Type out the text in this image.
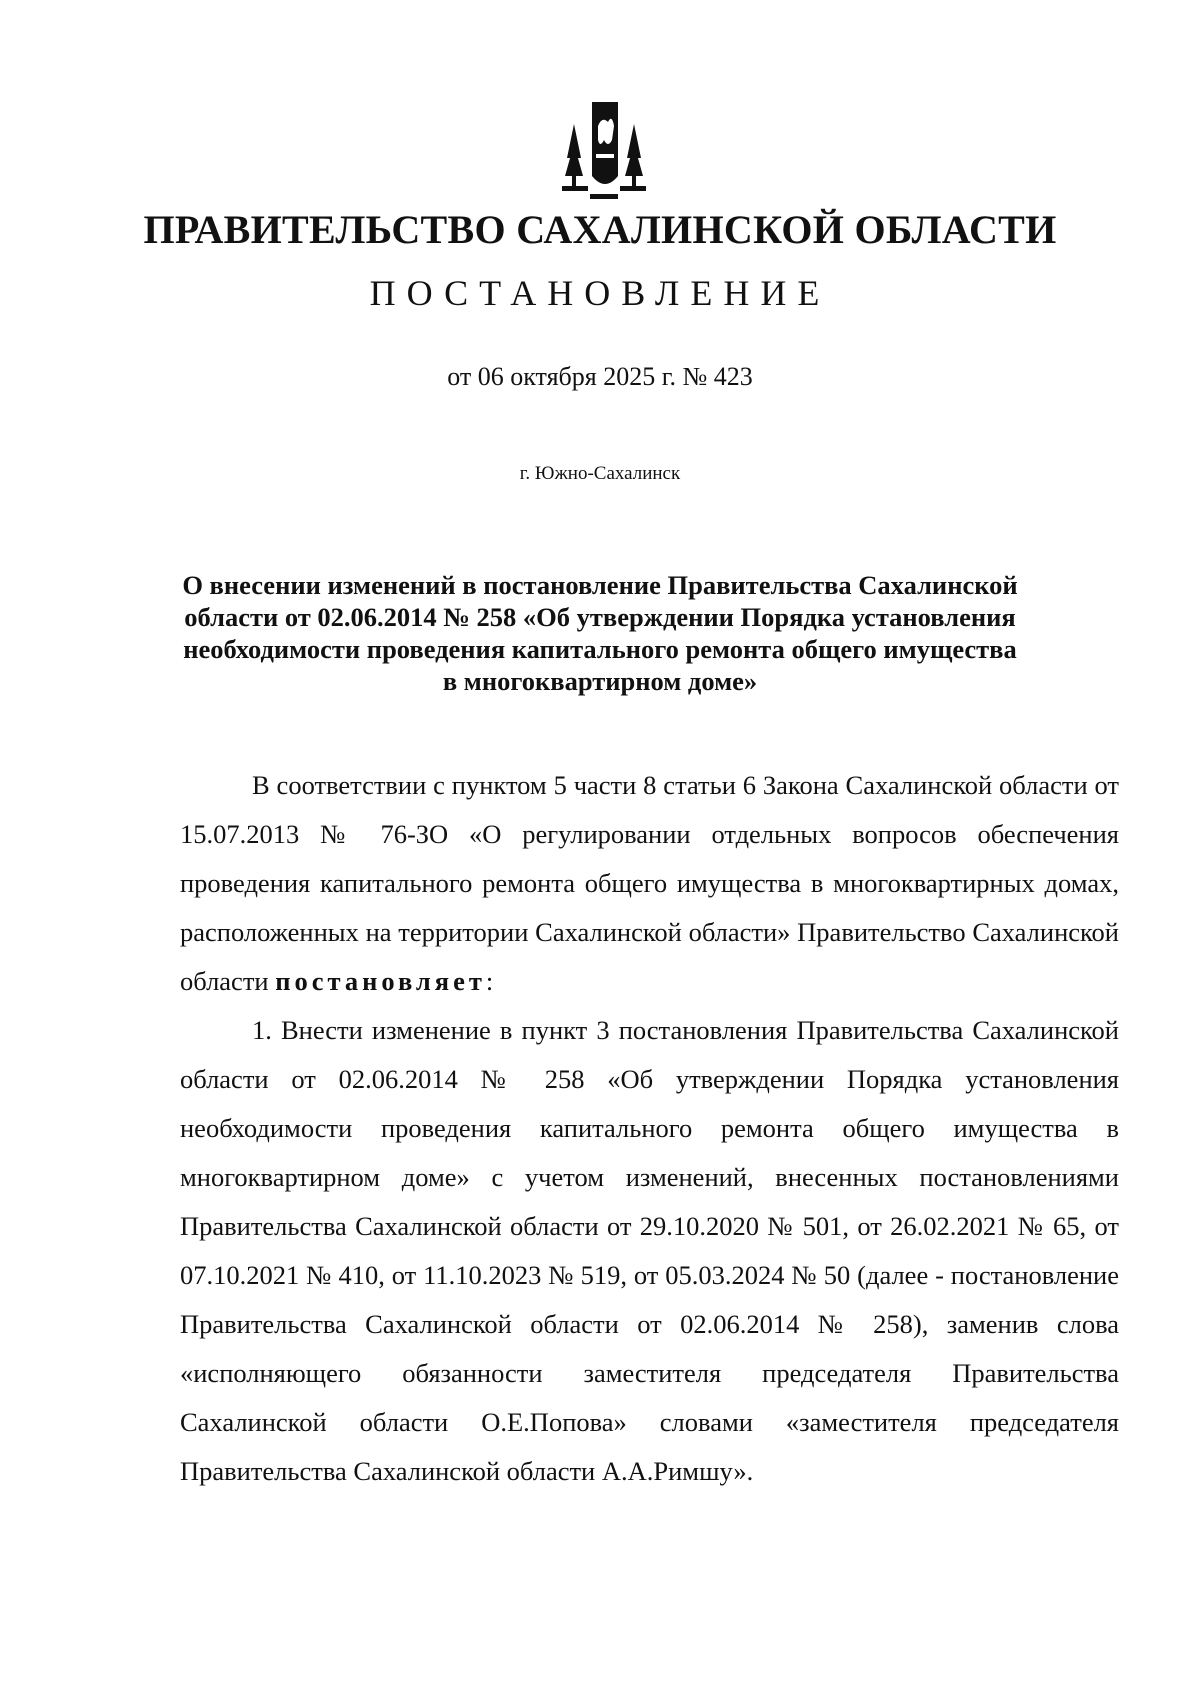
ПРАВИТЕЛЬСТВО САХАЛИНСКОЙ ОБЛАСТИ
ПОСТАНОВЛЕНИЕ
от 06 октября 2025 г. № 423
г. Южно-Сахалинск
О внесении изменений в постановление Правительства Сахалинской
области от 02.06.2014 № 258 «Об утверждении Порядка установления
необходимости проведения капитального ремонта общего имущества
в многоквартирном доме»

В соответствии с пунктом 5 части 8 статьи 6 Закона Сахалинской области от 15.07.2013 № 76-ЗО «О регулировании отдельных вопросов обеспечения проведения капитального ремонта общего имущества в многоквартирных домах, расположенных на территории Сахалинской области» Правительство Сахалинской области постановляет:

1. Внести изменение в пункт 3 постановления Правительства Сахалинской области от 02.06.2014 № 258 «Об утверждении Порядка установления необходимости проведения капитального ремонта общего имущества в многоквартирном доме» с учетом изменений, внесенных постановлениями Правительства Сахалинской области от 29.10.2020 № 501, от 26.02.2021 № 65, от 07.10.2021 № 410, от 11.10.2023 № 519, от 05.03.2024 № 50 (далее - постановление Правительства Сахалинской области от 02.06.2014 № 258), заменив слова «исполняющего обязанности заместителя председателя Правительства Сахалинской области О.Е.Попова» словами «заместителя председателя Правительства Сахалинской области А.А.Римшу».
